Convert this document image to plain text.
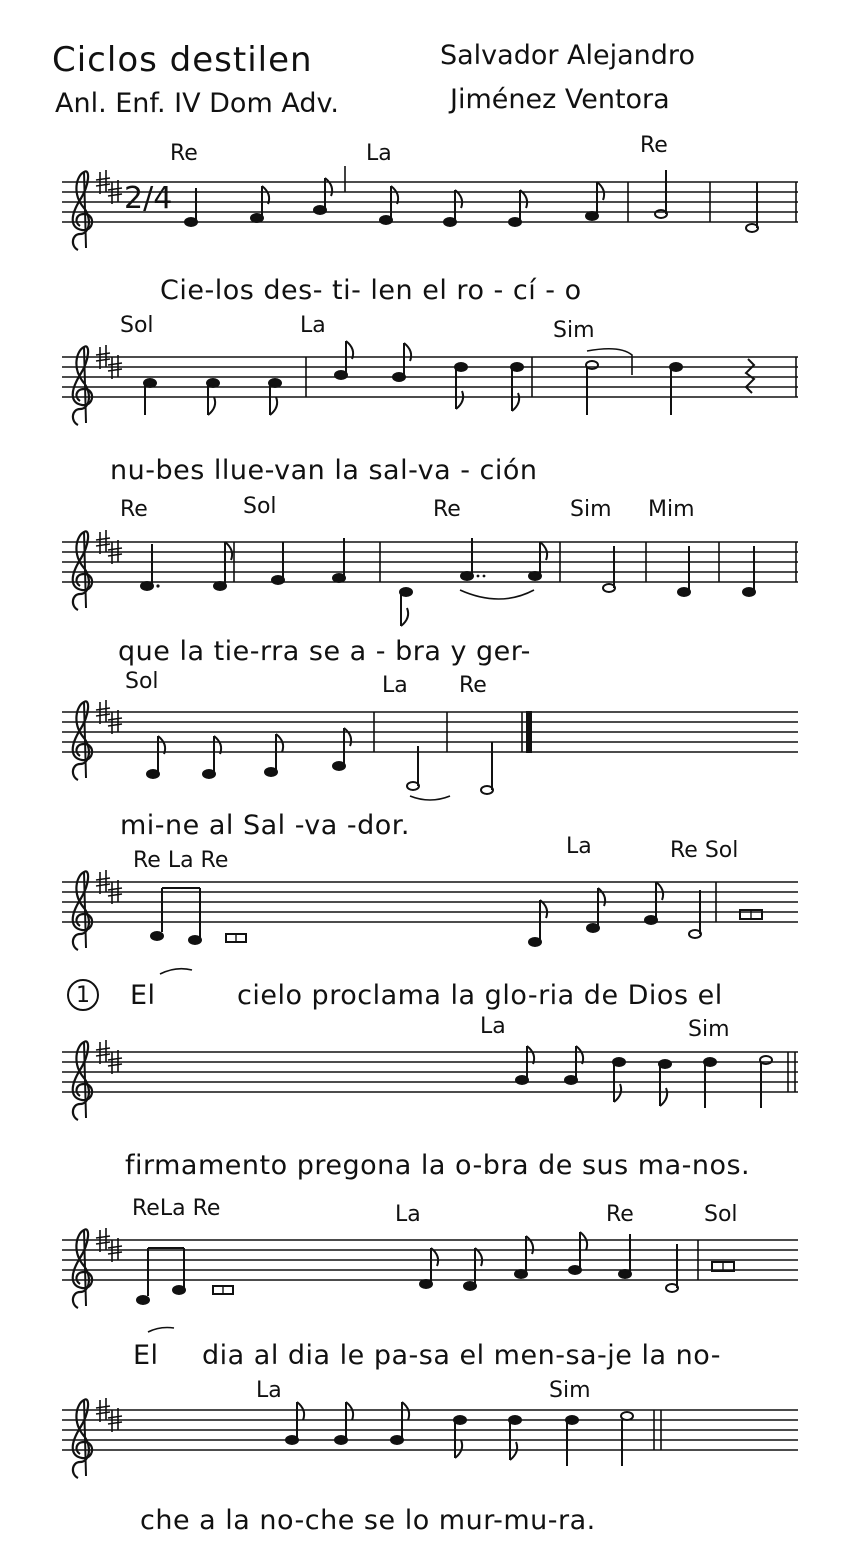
Ciclos destilen
Anl. Enf. IV Dom Adv.
Salvador Alejandro
Jiménez Ventora
Re	La	Re
2/4
Cie-los des- ti- len el ro - cí - o
Sol	La	Sim
nu-bes llue-van la sal-va - ción
Re	Sol	Re	Sim Mim
que la tie-rra se a - bra y ger-
Sol	La Re
mi-ne al Sal -va -dor.
Re La Re
La	Re Sol
1	El	cielo proclama la glo-ria de Dios el
La	Sim
firmamento pregona la o-bra de sus ma-nos.
ReLa Re	La	Re	Sol
El dia al dia le pa-sa el men-sa-je la no-
La	Sim
che a la no-che se lo mur-mu-ra.
